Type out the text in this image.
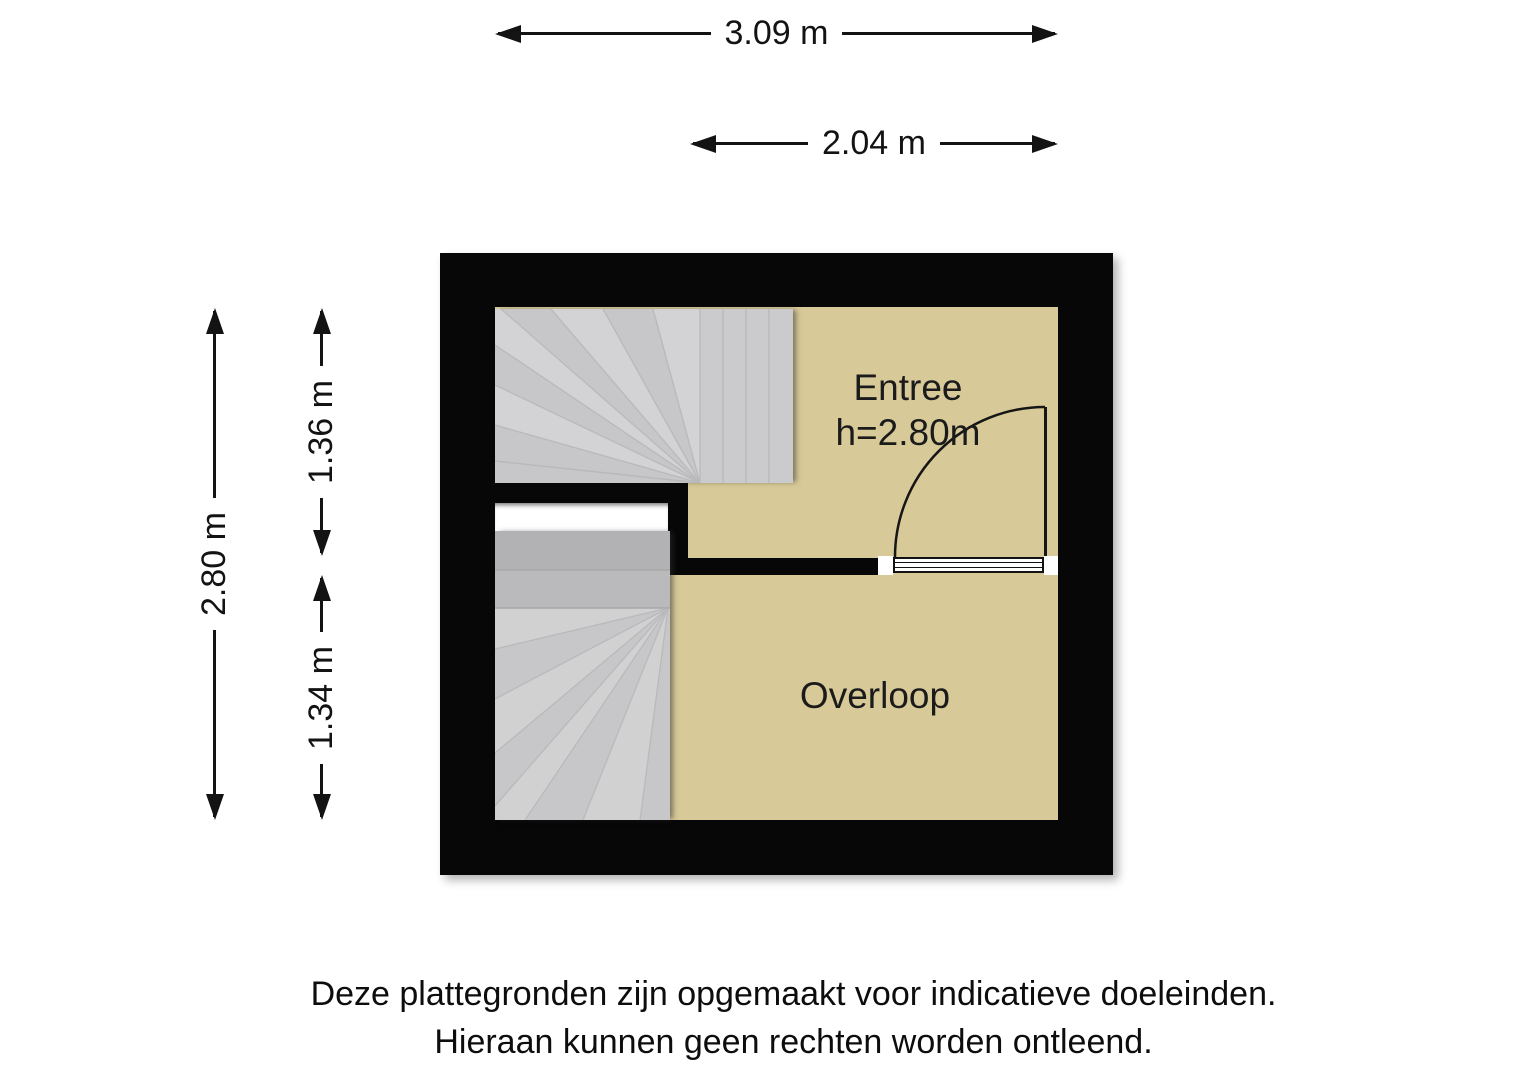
3.09 m
2.04 m
2.80 m
1.36 m
1.34 m
Entree
h=2.80m
Overloop
Deze plattegronden zijn opgemaakt voor indicatieve doeleinden.
Hieraan kunnen geen rechten worden ontleend.
